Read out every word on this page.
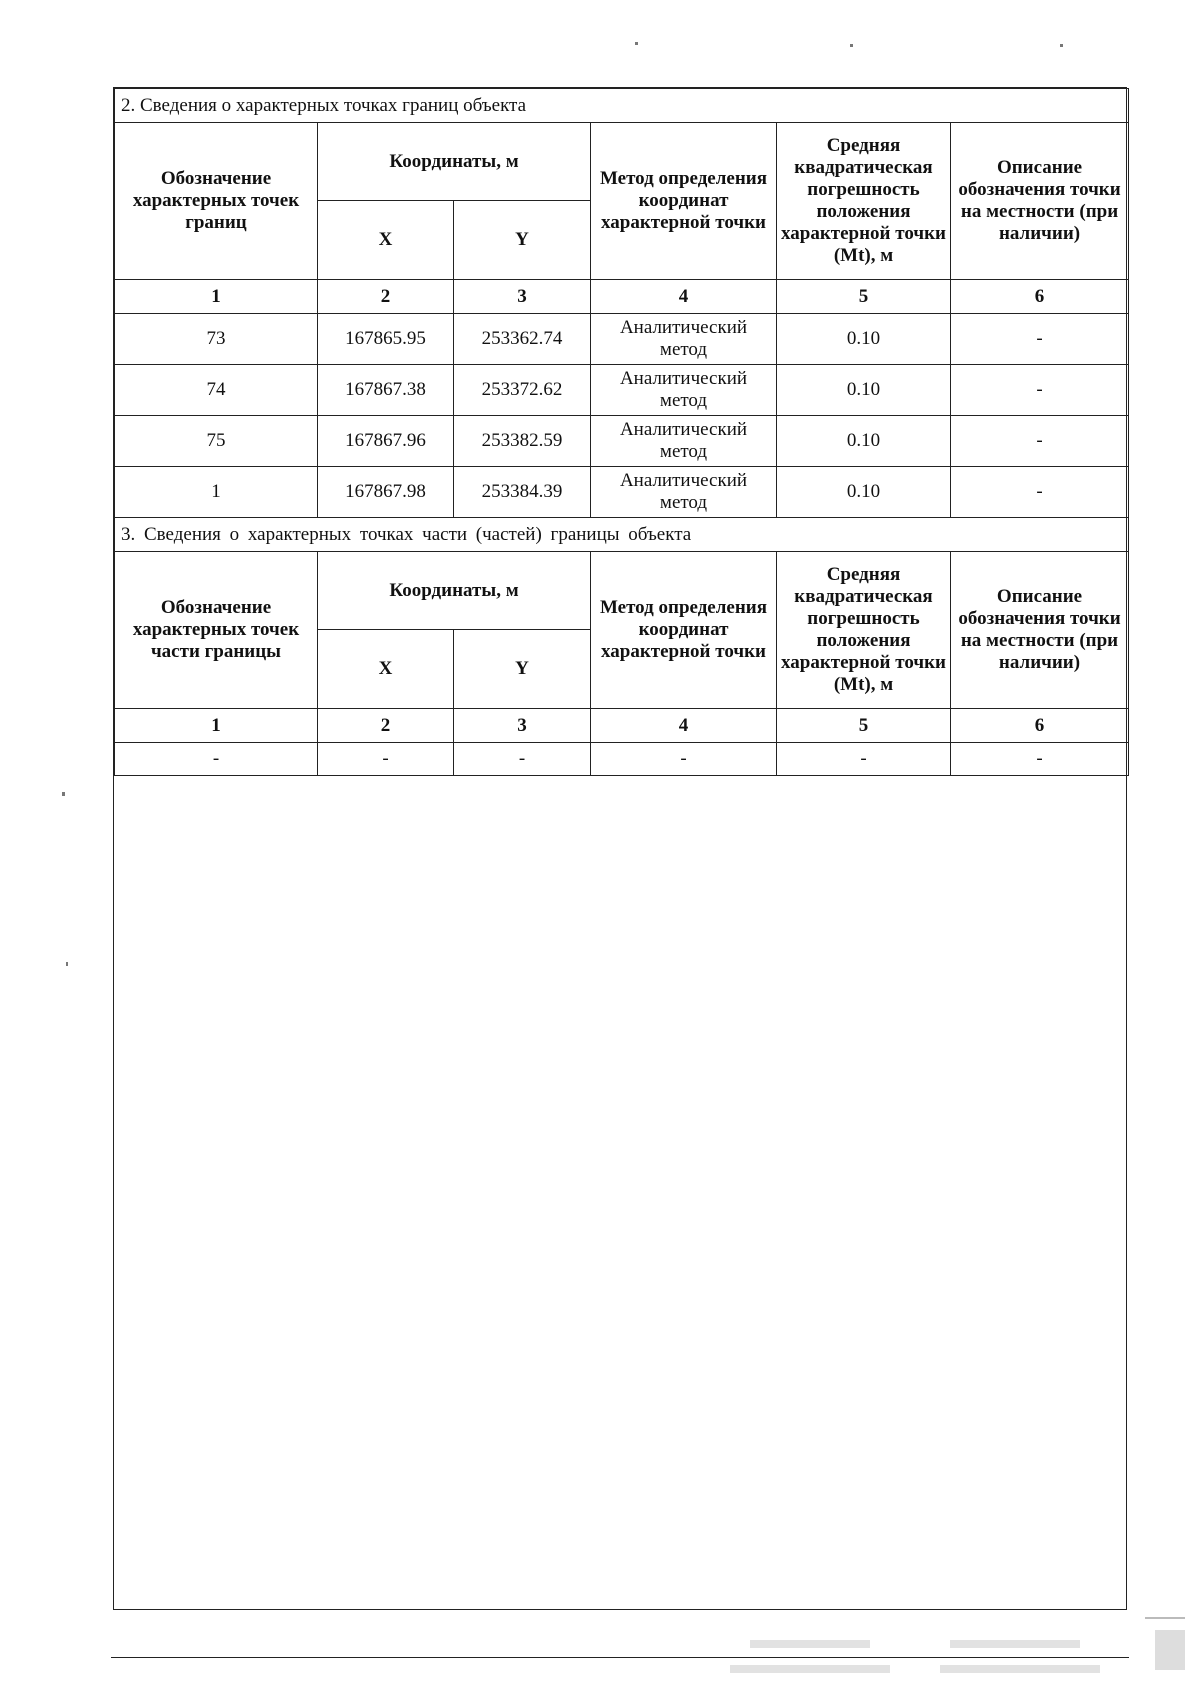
2. Сведения о характерных точках границ объекта					
Обозначение характерных точек границ	Координаты, м		Метод определения координат характерной точки	Средняя квадратическая погрешность положения характерной точки (Mt), м	Описание обозначения точки на местности (при наличии)
	X	Y			
1	2	3	4	5	6
73	167865.95	253362.74	Аналитический метод	0.10	-
74	167867.38	253372.62	Аналитический метод	0.10	-
75	167867.96	253382.59	Аналитический метод	0.10	-
1	167867.98	253384.39	Аналитический метод	0.10	-
3. Сведения о характерных точках части (частей) границы объекта					
Обозначение характерных точек части границы	Координаты, м		Метод определения координат характерной точки	Средняя квадратическая погрешность положения характерной точки (Mt), м	Описание обозначения точки на местности (при наличии)
	X	Y			
1	2	3	4	5	6
-	-	-	-	-	-
